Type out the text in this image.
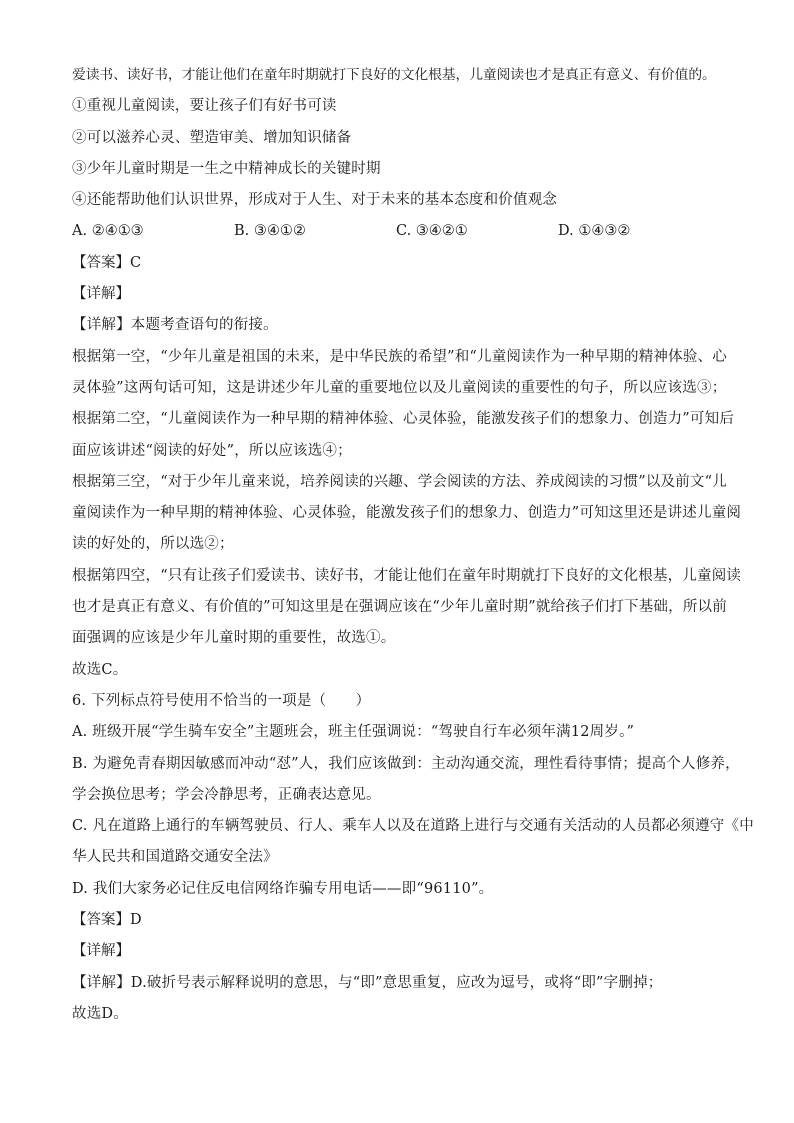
爱读书、读好书，才能让他们在童年时期就打下良好的文化根基，儿童阅读也才是真正有意义、有价值的。
①重视儿童阅读，要让孩子们有好书可读
②可以滋养心灵、塑造审美、增加知识储备
③少年儿童时期是一生之中精神成长的关键时期
④还能帮助他们认识世界，形成对于人生、对于未来的基本态度和价值观念
A. ②④①③	B. ③④①②	C. ③④②①	D. ①④③②
【答案】C
【详解】
【详解】本题考查语句的衔接。
根据第一空，“少年儿童是祖国的未来，是中华民族的希望”和“儿童阅读作为一种早期的精神体验、心
灵体验”这两句话可知，这是讲述少年儿童的重要地位以及儿童阅读的重要性的句子，所以应该选③；
根据第二空，“儿童阅读作为一种早期的精神体验、心灵体验，能激发孩子们的想象力、创造力”可知后
面应该讲述“阅读的好处”，所以应该选④；
根据第三空，“对于少年儿童来说，培养阅读的兴趣、学会阅读的方法、养成阅读的习惯”以及前文“儿
童阅读作为一种早期的精神体验、心灵体验，能激发孩子们的想象力、创造力”可知这里还是讲述儿童阅
读的好处的，所以选②；
根据第四空，“只有让孩子们爱读书、读好书，才能让他们在童年时期就打下良好的文化根基，儿童阅读
也才是真正有意义、有价值的”可知这里是在强调应该在“少年儿童时期”就给孩子们打下基础，所以前
面强调的应该是少年儿童时期的重要性，故选①。
故选C。
6. 下列标点符号使用不恰当的一项是（　　）
A. 班级开展“学生骑车安全”主题班会，班主任强调说：“驾驶自行车必须年满12周岁。”
B. 为避免青春期因敏感而冲动“怼”人，我们应该做到：主动沟通交流，理性看待事情；提高个人修养，
学会换位思考；学会冷静思考，正确表达意见。
C. 凡在道路上通行的车辆驾驶员、行人、乘车人以及在道路上进行与交通有关活动的人员都必须遵守《中
华人民共和国道路交通安全法》
D. 我们大家务必记住反电信网络诈骗专用电话——即“96110”。
【答案】D
【详解】
【详解】D.破折号表示解释说明的意思，与“即”意思重复，应改为逗号，或将“即”字删掉；
故选D。
